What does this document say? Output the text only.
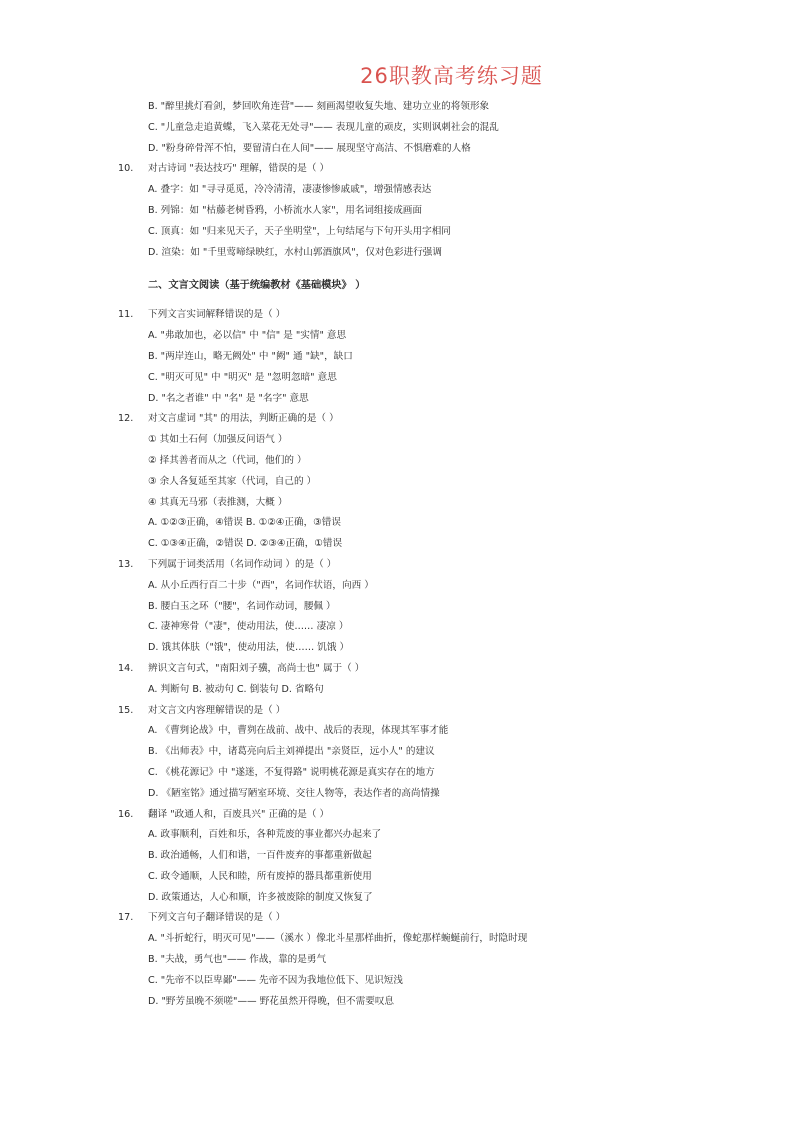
26职教高考练习题
B. "醉里挑灯看剑，梦回吹角连营"—— 刻画渴望收复失地、建功立业的将领形象
C. "儿童急走追黄蝶，飞入菜花无处寻"—— 表现儿童的顽皮，实则讽刺社会的混乱
D. "粉身碎骨浑不怕，要留清白在人间"—— 展现坚守高洁、不惧磨难的人格
10.	对古诗词 "表达技巧" 理解，错误的是（ ）
A. 叠字：如 "寻寻觅觅，冷冷清清，凄凄惨惨戚戚"，增强情感表达
B. 列锦：如 "枯藤老树昏鸦，小桥流水人家"，用名词组接成画面
C. 顶真：如 "归来见天子，天子坐明堂"，上句结尾与下句开头用字相同
D. 渲染：如 "千里莺啼绿映红，水村山郭酒旗风"，仅对色彩进行强调
二、文言文阅读（基于统编教材《基础模块》 ）
11.	下列文言实词解释错误的是（ ）
A. "弗敢加也，必以信" 中 "信" 是 "实情" 意思
B. "两岸连山，略无阙处" 中 "阙" 通 "缺"，缺口
C. "明灭可见" 中 "明灭" 是 "忽明忽暗" 意思
D. "名之者谁" 中 "名" 是 "名字" 意思
12.	对文言虚词 "其" 的用法，判断正确的是（ ）
① 其如土石何（加强反问语气 ）
② 择其善者而从之（代词，他们的 ）
③ 余人各复延至其家（代词，自己的 ）
④ 其真无马邪（表推测，大概 ）
A. ①②③正确，④错误 B. ①②④正确，③错误
C. ①③④正确，②错误 D. ②③④正确，①错误
13.	下列属于词类活用（名词作动词 ）的是（ ）
A. 从小丘西行百二十步（"西"，名词作状语，向西 ）
B. 腰白玉之环（"腰"，名词作动词，腰佩 ）
C. 凄神寒骨（"凄"，使动用法，使…… 凄凉 ）
D. 饿其体肤（"饿"，使动用法，使…… 饥饿 ）
14.	辨识文言句式，"南阳刘子骥，高尚士也" 属于（ ）
A. 判断句 B. 被动句 C. 倒装句 D. 省略句
15.	对文言文内容理解错误的是（ ）
A. 《曹刿论战》中，曹刿在战前、战中、战后的表现，体现其军事才能
B. 《出师表》中，诸葛亮向后主刘禅提出 "亲贤臣，远小人" 的建议
C. 《桃花源记》中 "遂迷，不复得路" 说明桃花源是真实存在的地方
D. 《陋室铭》通过描写陋室环境、交往人物等，表达作者的高尚情操
16.	翻译 "政通人和，百废具兴" 正确的是（ ）
A. 政事顺利，百姓和乐，各种荒废的事业都兴办起来了
B. 政治通畅，人们和谐，一百件废弃的事都重新做起
C. 政令通顺，人民和睦，所有废掉的器具都重新使用
D. 政策通达，人心和顺，许多被废除的制度又恢复了
17.	下列文言句子翻译错误的是（ ）
A. "斗折蛇行，明灭可见"——（溪水 ）像北斗星那样曲折，像蛇那样蜿蜒前行，时隐时现
B. "夫战，勇气也"—— 作战，靠的是勇气
C. "先帝不以臣卑鄙"—— 先帝不因为我地位低下、见识短浅
D. "野芳虽晚不须嗟"—— 野花虽然开得晚，但不需要叹息
